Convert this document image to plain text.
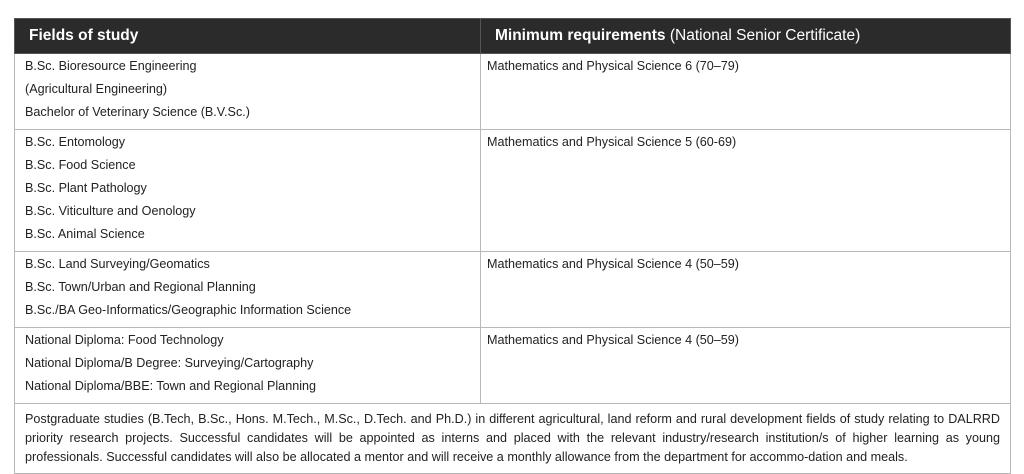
Fields of study	Minimum requirements (National Senior Certificate)

B.Sc. Bioresource Engineering
(Agricultural Engineering)
Bachelor of Veterinary Science (B.V.Sc.)	Mathematics and Physical Science 6 (70–79)

B.Sc. Entomology
B.Sc. Food Science
B.Sc. Plant Pathology
B.Sc. Viticulture and Oenology
B.Sc. Animal Science	Mathematics and Physical Science 5 (60-69)

B.Sc. Land Surveying/Geomatics
B.Sc. Town/Urban and Regional Planning
B.Sc./BA Geo-Informatics/Geographic Information Science	Mathematics and Physical Science 4 (50–59)

National Diploma: Food Technology
National Diploma/B Degree: Surveying/Cartography
National Diploma/BBE: Town and Regional Planning	Mathematics and Physical Science 4 (50–59)

Postgraduate studies (B.Tech, B.Sc., Hons. M.Tech., M.Sc., D.Tech. and Ph.D.) in different agricultural, land reform and rural development fields of study relating to DALRRD priority research projects. Successful candidates will be appointed as interns and placed with the relevant industry/research institution/s of higher learning as young professionals. Successful candidates will also be allocated a mentor and will receive a monthly allowance from the department for accommo-dation and meals.	
